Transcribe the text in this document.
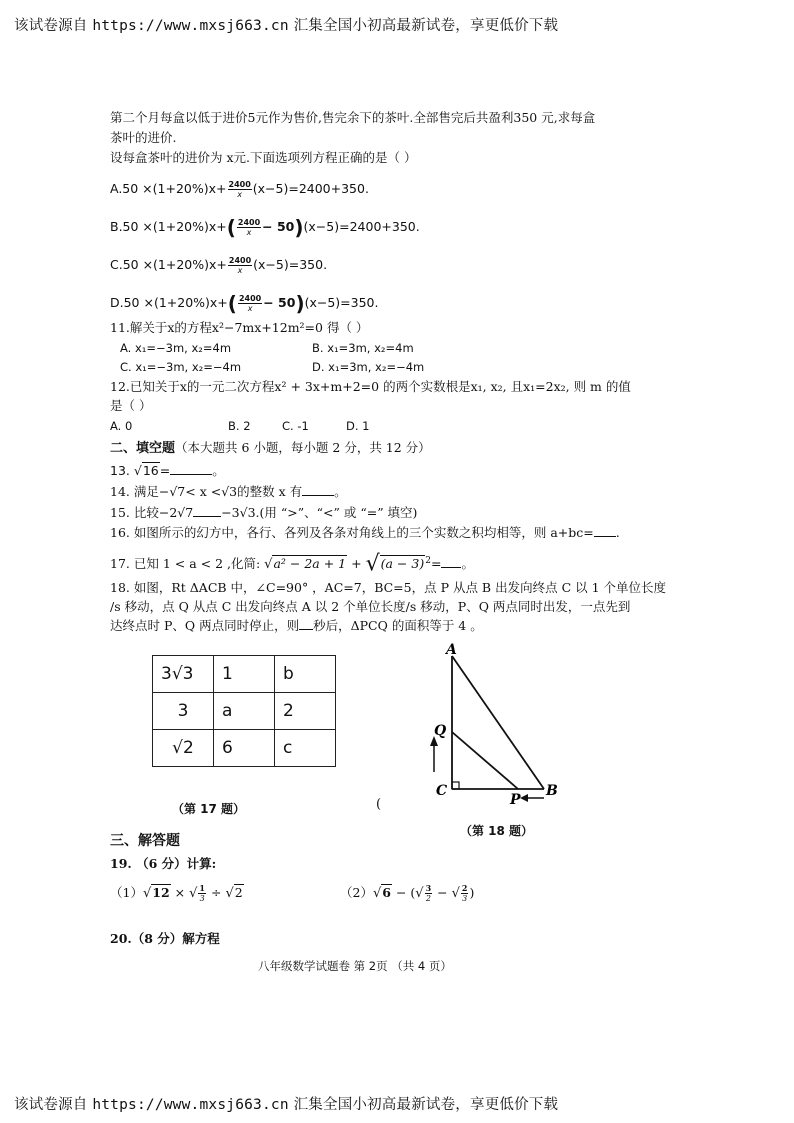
该试卷源自 https://www.mxsj663.cn 汇集全国小初高最新试卷，享更低价下载
第二个月每盒以低于进价5元作为售价,售完余下的茶叶.全部售完后共盈利350 元,求每盒
茶叶的进价.
设每盒茶叶的进价为 x元.下面选项列方程正确的是（ ）
$A.50 \times(1+20\%)x+ \frac{2400}{x} (x-5)=2400+350$.
$B.50 \times(1+20\%)x+( \frac{2400}{x} - 50)(x-5)=2400+350$.
$C.50 \times(1+20\%)x+ \frac{2400}{x} (x-5)=350$.
$D.50 \times(1+20\%)x+( \frac{2400}{x} - 50)(x-5)=350$.
11.解关于x的方程x²−7mx+12m²=0 得（ ）
A. x₁=−3m, x₂=4m	B. x₁=3m, x₂=4m
C. x₁=−3m, x₂=−4m	D. x₁=3m, x₂=−4m
12.已知关于x的一元二次方程x² + 3x+m+2=0 的两个实数根是x₁, x₂, 且x₁=2x₂, 则 m 的值
是（ ）
A. 0	B. 2	C. -1	D. 1
二、填空题（本大题共 6 小题，每小题 2 分，共 12 分）
13. √16=	。
14. 满足−√7< x <√3的整数 x 有	。
15. 比较−2√7 −3√3.(用 “>”、“<” 或 “=” 填空)
16. 如图所示的幻方中，各行、各列及各条对角线上的三个实数之积均相等，则 a+bc= .
17. 已知 1 < a < 2 ,化简: $√a^2 - 2a + 1 + √(a - 3)^2=$ 。
18. 如图，Rt ΔACB 中，∠C=90° ，AC=7，BC=5，点 P 从点 B 出发向终点 C 以 1 个单位长度
/s 移动，点 Q 从点 C 出发向终点 A 以 2 个单位长度/s 移动，P、Q 两点同时出发，一点先到
达终点时 P、Q 两点同时停止，则 秒后，ΔPCQ 的面积等于 4 。
3√3	1	b
3	a	2
√2	6	c
（第 17 题）	(
A
B
C
P
Q
（第 18 题）
三、解答题
19. （6 分）计算:
（1）√12 × √ $\frac{1}{3} \div √2$	（2）√6 − (√ $\frac{3}{2}$ − √ $\frac{2}{3}$ )
20.（8 分）解方程
八年级数学试题卷 第 2页 （共 4 页）
该试卷源自 https://www.mxsj663.cn 汇集全国小初高最新试卷，享更低价下载
